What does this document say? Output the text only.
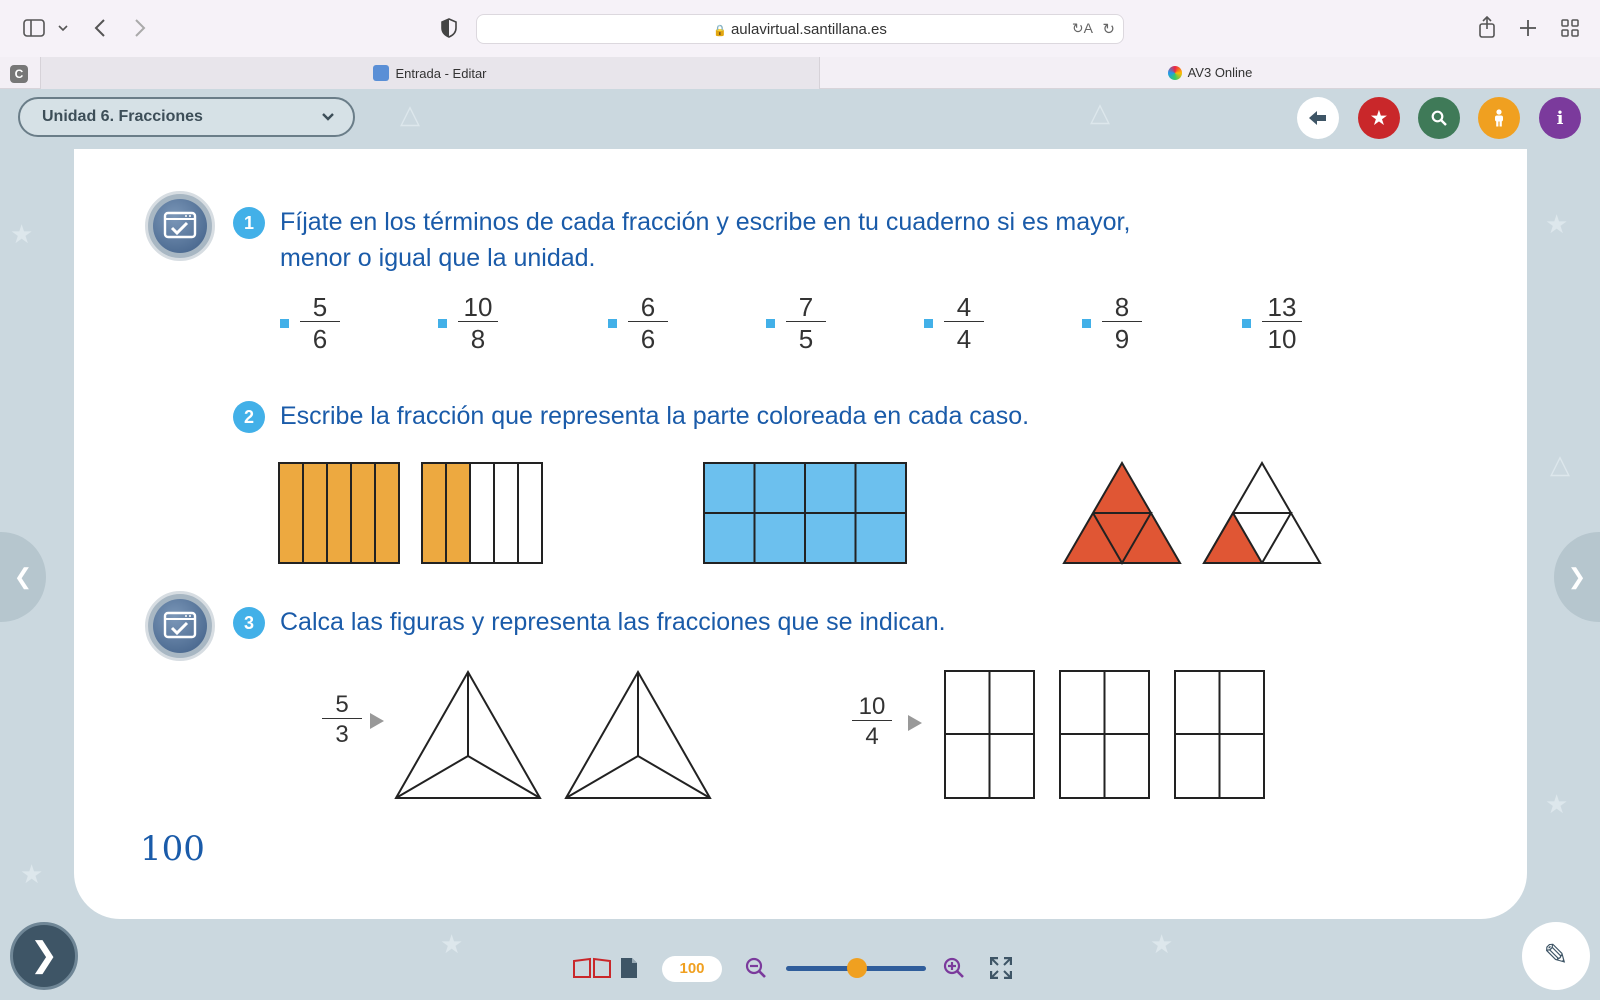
🔒 aulavirtual.santillana.es	↻A ↻
Entrada - Editar	AV3 Online
C
★
★
△	△
★
△
★
★	★
Unidad 6. Fracciones	★	i
❮	❯
1	Fíjate en los términos de cada fracción y escribe en tu cuaderno si es mayor,
menor o igual que la unidad.
$\frac{5}{6}$	$\frac{10}{8}$	$\frac{6}{6}$	$\frac{7}{5}$	$\frac{4}{4}$	$\frac{8}{9}$	$\frac{13}{10}$
2	Escribe la fracción que representa la parte coloreada en cada caso.
3	Calca las figuras y representa las fracciones que se indican.
$\frac{5}{3}$	$\frac{10}{4}$
100
❯	✎
100
